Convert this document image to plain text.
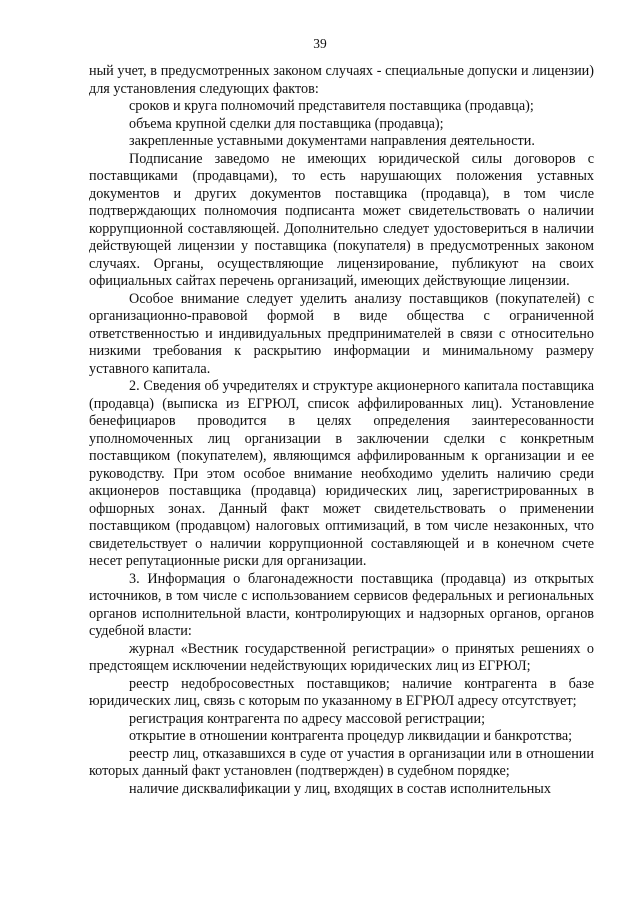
39

ный учет, в предусмотренных законом случаях - специальные допуски и лицензии) для установления следующих фактов:

сроков и круга полномочий представителя поставщика (продавца);

объема крупной сделки для поставщика (продавца);

закрепленные уставными документами направления деятельности.

Подписание заведомо не имеющих юридической силы договоров с поставщиками (продавцами), то есть нарушающих положения уставных документов и других документов поставщика (продавца), в том числе подтверждающих полномочия подписанта может свидетельствовать о наличии коррупционной составляющей. Дополнительно следует удостовериться в наличии действующей лицензии у поставщика (покупателя) в предусмотренных законом случаях. Органы, осуществляющие лицензирование, публикуют на своих официальных сайтах перечень организаций, имеющих действующие лицензии.

Особое внимание следует уделить анализу поставщиков (покупателей) с организационно-правовой формой в виде общества с ограниченной ответственностью и индивидуальных предпринимателей в связи с относительно низкими требования к раскрытию информации и минимальному размеру уставного капитала.

2. Сведения об учредителях и структуре акционерного капитала поставщика (продавца) (выписка из ЕГРЮЛ, список аффилированных лиц). Установление бенефициаров проводится в целях определения заинтересованности уполномоченных лиц организации в заключении сделки с конкретным поставщиком (покупателем), являющимся аффилированным к организации и ее руководству. При этом особое внимание необходимо уделить наличию среди акционеров поставщика (продавца) юридических лиц, зарегистрированных в офшорных зонах. Данный факт может свидетельствовать о применении поставщиком (продавцом) налоговых оптимизаций, в том числе незаконных, что свидетельствует о наличии коррупционной составляющей и в конечном счете несет репутационные риски для организации.

3. Информация о благонадежности поставщика (продавца) из открытых источников, в том числе с использованием сервисов федеральных и региональных органов исполнительной власти, контролирующих и надзорных органов, органов судебной власти:

журнал «Вестник государственной регистрации» о принятых решениях о предстоящем исключении недействующих юридических лиц из ЕГРЮЛ;

реестр недобросовестных поставщиков; наличие контрагента в базе юридических лиц, связь с которым по указанному в ЕГРЮЛ адресу отсутствует;

регистрация контрагента по адресу массовой регистрации;

открытие в отношении контрагента процедур ликвидации и банкротства;

реестр лиц, отказавшихся в суде от участия в организации или в отношении которых данный факт установлен (подтвержден) в судебном порядке;

наличие дисквалификации у лиц, входящих в состав исполнительных
